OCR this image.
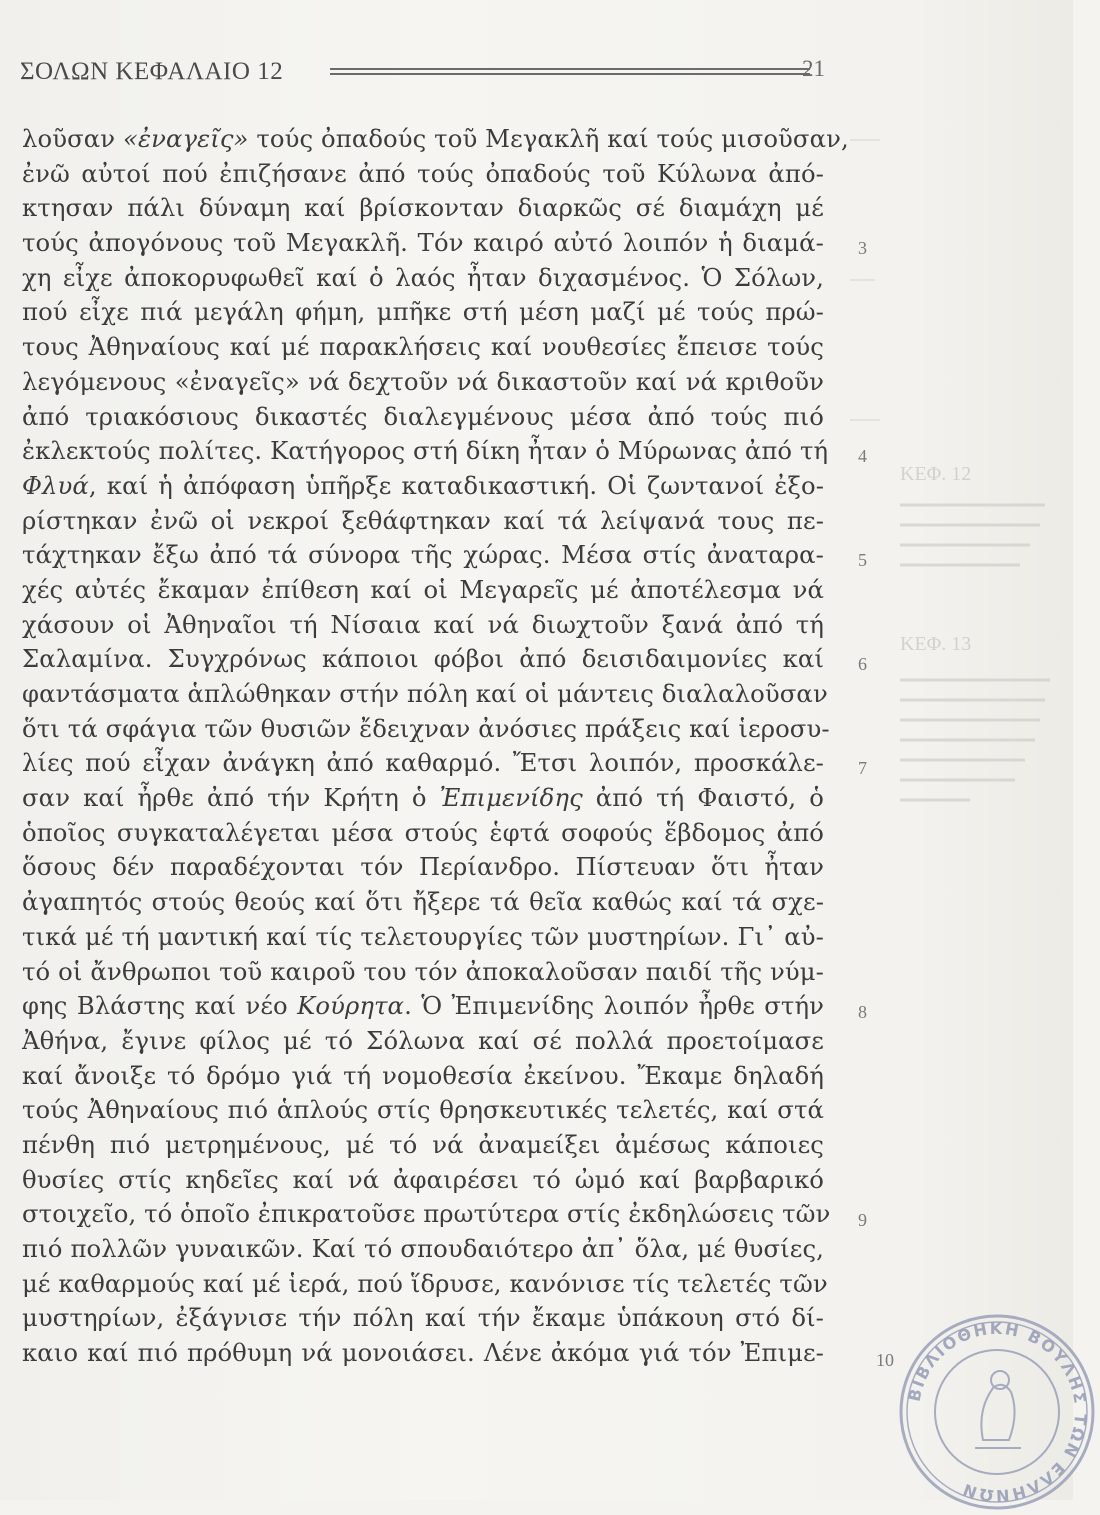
ΣΟΛΩΝ ΚΕΦΑΛΑΙΟ 12	21
λοῦσαν «ἐναγεῖς» τούς ὀπαδούς τοῦ Μεγακλῆ καί τούς μισοῦσαν,
ἐνῶ αὐτοί πού ἐπιζήσανε ἀπό τούς ὀπαδούς τοῦ Κύλωνα ἀπό-
κτησαν πάλι δύναμη καί βρίσκονταν διαρκῶς σέ διαμάχη μέ
τούς ἀπογόνους τοῦ Μεγακλῆ. Τόν καιρό αὐτό λοιπόν ἡ διαμά-
χη εἶχε ἀποκορυφωθεῖ καί ὁ λαός ἦταν διχασμένος. Ὁ Σόλων,
πού εἶχε πιά μεγάλη φήμη, μπῆκε στή μέση μαζί μέ τούς πρώ-
τους Ἀθηναίους καί μέ παρακλήσεις καί νουθεσίες ἔπεισε τούς
λεγόμενους «ἐναγεῖς» νά δεχτοῦν νά δικαστοῦν καί νά κριθοῦν
ἀπό τριακόσιους δικαστές διαλεγμένους μέσα ἀπό τούς πιό
ἐκλεκτούς πολίτες. Κατήγορος στή δίκη ἦταν ὁ Μύρωνας ἀπό τή
Φλυά, καί ἡ ἀπόφαση ὑπῆρξε καταδικαστική. Οἱ ζωντανοί ἐξο-
ρίστηκαν ἐνῶ οἱ νεκροί ξεθάφτηκαν καί τά λείψανά τους πε-
τάχτηκαν ἔξω ἀπό τά σύνορα τῆς χώρας. Μέσα στίς ἀναταρα-
χές αὐτές ἔκαμαν ἐπίθεση καί οἱ Μεγαρεῖς μέ ἀποτέλεσμα νά
χάσουν οἱ Ἀθηναῖοι τή Νίσαια καί νά διωχτοῦν ξανά ἀπό τή
Σαλαμίνα. Συγχρόνως κάποιοι φόβοι ἀπό δεισιδαιμονίες καί
φαντάσματα ἁπλώθηκαν στήν πόλη καί οἱ μάντεις διαλαλοῦσαν
ὅτι τά σφάγια τῶν θυσιῶν ἔδειχναν ἀνόσιες πράξεις καί ἱεροσυ-
λίες πού εἶχαν ἀνάγκη ἀπό καθαρμό. Ἔτσι λοιπόν, προσκάλε-
σαν καί ἦρθε ἀπό τήν Κρήτη ὁ Ἐπιμενίδης ἀπό τή Φαιστό, ὁ
ὁποῖος συγκαταλέγεται μέσα στούς ἑφτά σοφούς ἕβδομος ἀπό
ὅσους δέν παραδέχονται τόν Περίανδρο. Πίστευαν ὅτι ἦταν
ἀγαπητός στούς θεούς καί ὅτι ἤξερε τά θεῖα καθώς καί τά σχε-
τικά μέ τή μαντική καί τίς τελετουργίες τῶν μυστηρίων. Γι᾽ αὐ-
τό οἱ ἄνθρωποι τοῦ καιροῦ του τόν ἀποκαλοῦσαν παιδί τῆς νύμ-
φης Βλάστης καί νέο Κούρητα. Ὁ Ἐπιμενίδης λοιπόν ἦρθε στήν
Ἀθήνα, ἔγινε φίλος μέ τό Σόλωνα καί σέ πολλά προετοίμασε
καί ἄνοιξε τό δρόμο γιά τή νομοθεσία ἐκείνου. Ἔκαμε δηλαδή
τούς Ἀθηναίους πιό ἁπλούς στίς θρησκευτικές τελετές, καί στά
πένθη πιό μετρημένους, μέ τό νά ἀναμείξει ἀμέσως κάποιες
θυσίες στίς κηδεῖες καί νά ἀφαιρέσει τό ὠμό καί βαρβαρικό
στοιχεῖο, τό ὁποῖο ἐπικρατοῦσε πρωτύτερα στίς ἐκδηλώσεις τῶν
πιό πολλῶν γυναικῶν. Καί τό σπουδαιότερο ἀπ᾽ ὅλα, μέ θυσίες,
μέ καθαρμούς καί μέ ἱερά, πού ἵδρυσε, κανόνισε τίς τελετές τῶν
μυστηρίων, ἐξάγνισε τήν πόλη καί τήν ἔκαμε ὑπάκουη στό δί-
καιο καί πιό πρόθυμη νά μονοιάσει. Λένε ἀκόμα γιά τόν Ἐπιμε-
3
4
5
6
7
8
9
10
ΚΕΦ. 12
ΚΕΦ. 13
ΒΙΒΛΙΟΘΗΚΗ ΒΟΥΛΗΣ ΤΩΝ ΕΛΛΗΝΩΝ
